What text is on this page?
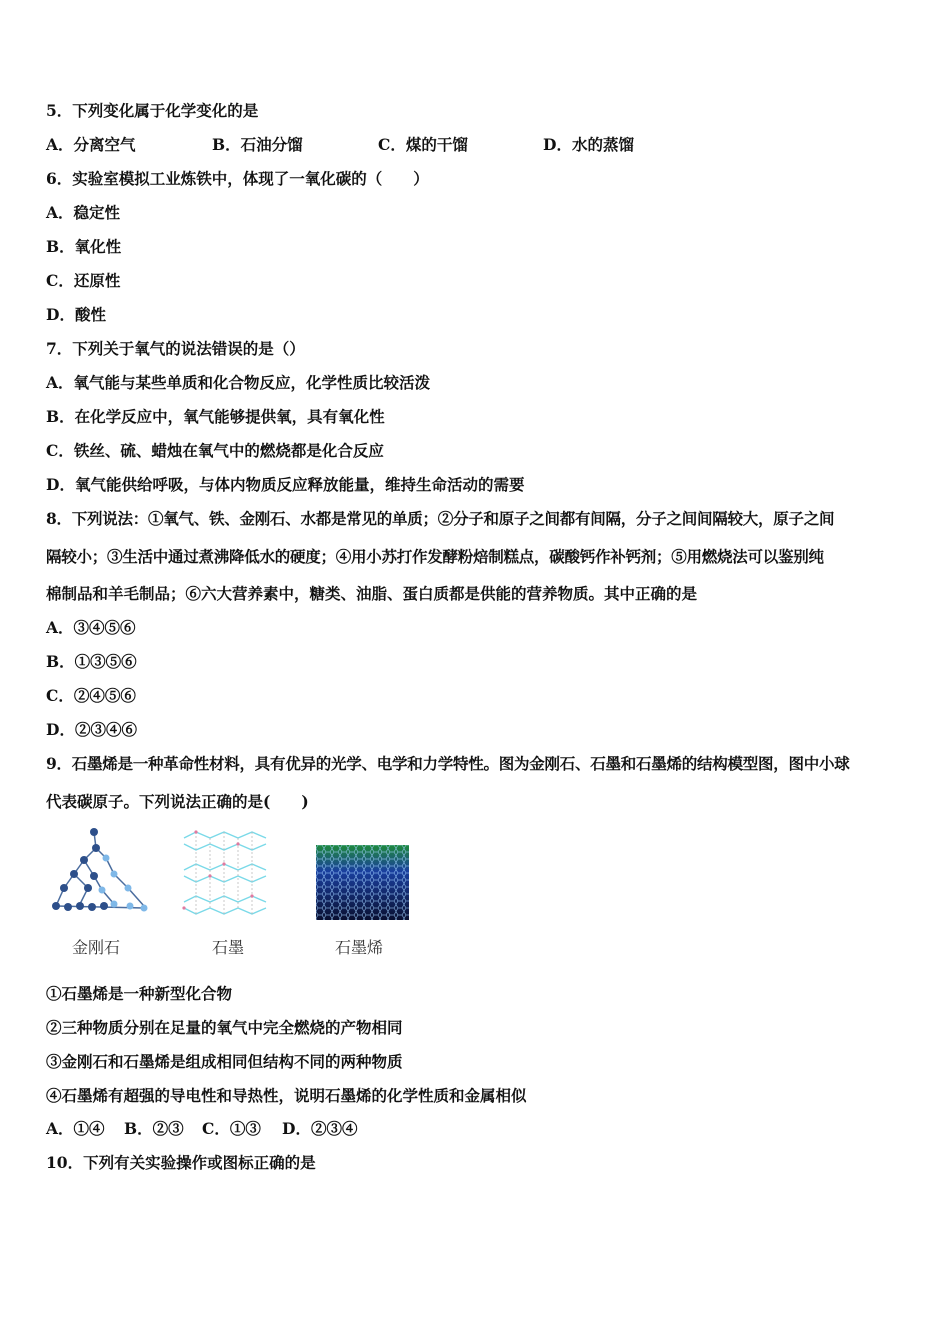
5．下列变化属于化学变化的是
A．分离空气	B．石油分馏	C．煤的干馏	D．水的蒸馏
6．实验室模拟工业炼铁中，体现了一氧化碳的（　　）
A．稳定性
B．氧化性
C．还原性
D．酸性
7．下列关于氧气的说法错误的是（）
A．氧气能与某些单质和化合物反应，化学性质比较活泼
B．在化学反应中，氧气能够提供氧，具有氧化性
C．铁丝、硫、蜡烛在氧气中的燃烧都是化合反应
D．氧气能供给呼吸，与体内物质反应释放能量，维持生命活动的需要
8．下列说法：①氧气、铁、金刚石、水都是常见的单质；②分子和原子之间都有间隔，分子之间间隔较大，原子之间
隔较小；③生活中通过煮沸降低水的硬度；④用小苏打作发酵粉焙制糕点，碳酸钙作补钙剂；⑤用燃烧法可以鉴别纯
棉制品和羊毛制品；⑥六大营养素中，糖类、油脂、蛋白质都是供能的营养物质。其中正确的是
A．③④⑤⑥
B．①③⑤⑥
C．②④⑤⑥
D．②③④⑥
9．石墨烯是一种革命性材料，具有优异的光学、电学和力学特性。图为金刚石、石墨和石墨烯的结构模型图，图中小球
代表碳原子。下列说法正确的是(　　)
金刚石	石墨	石墨烯
①石墨烯是一种新型化合物
②三种物质分别在足量的氧气中完全燃烧的产物相同
③金刚石和石墨烯是组成相同但结构不同的两种物质
④石墨烯有超强的导电性和导热性，说明石墨烯的化学性质和金属相似
A．①④ B．②③ C．①③ D．②③④
10．下列有关实验操作或图标正确的是
